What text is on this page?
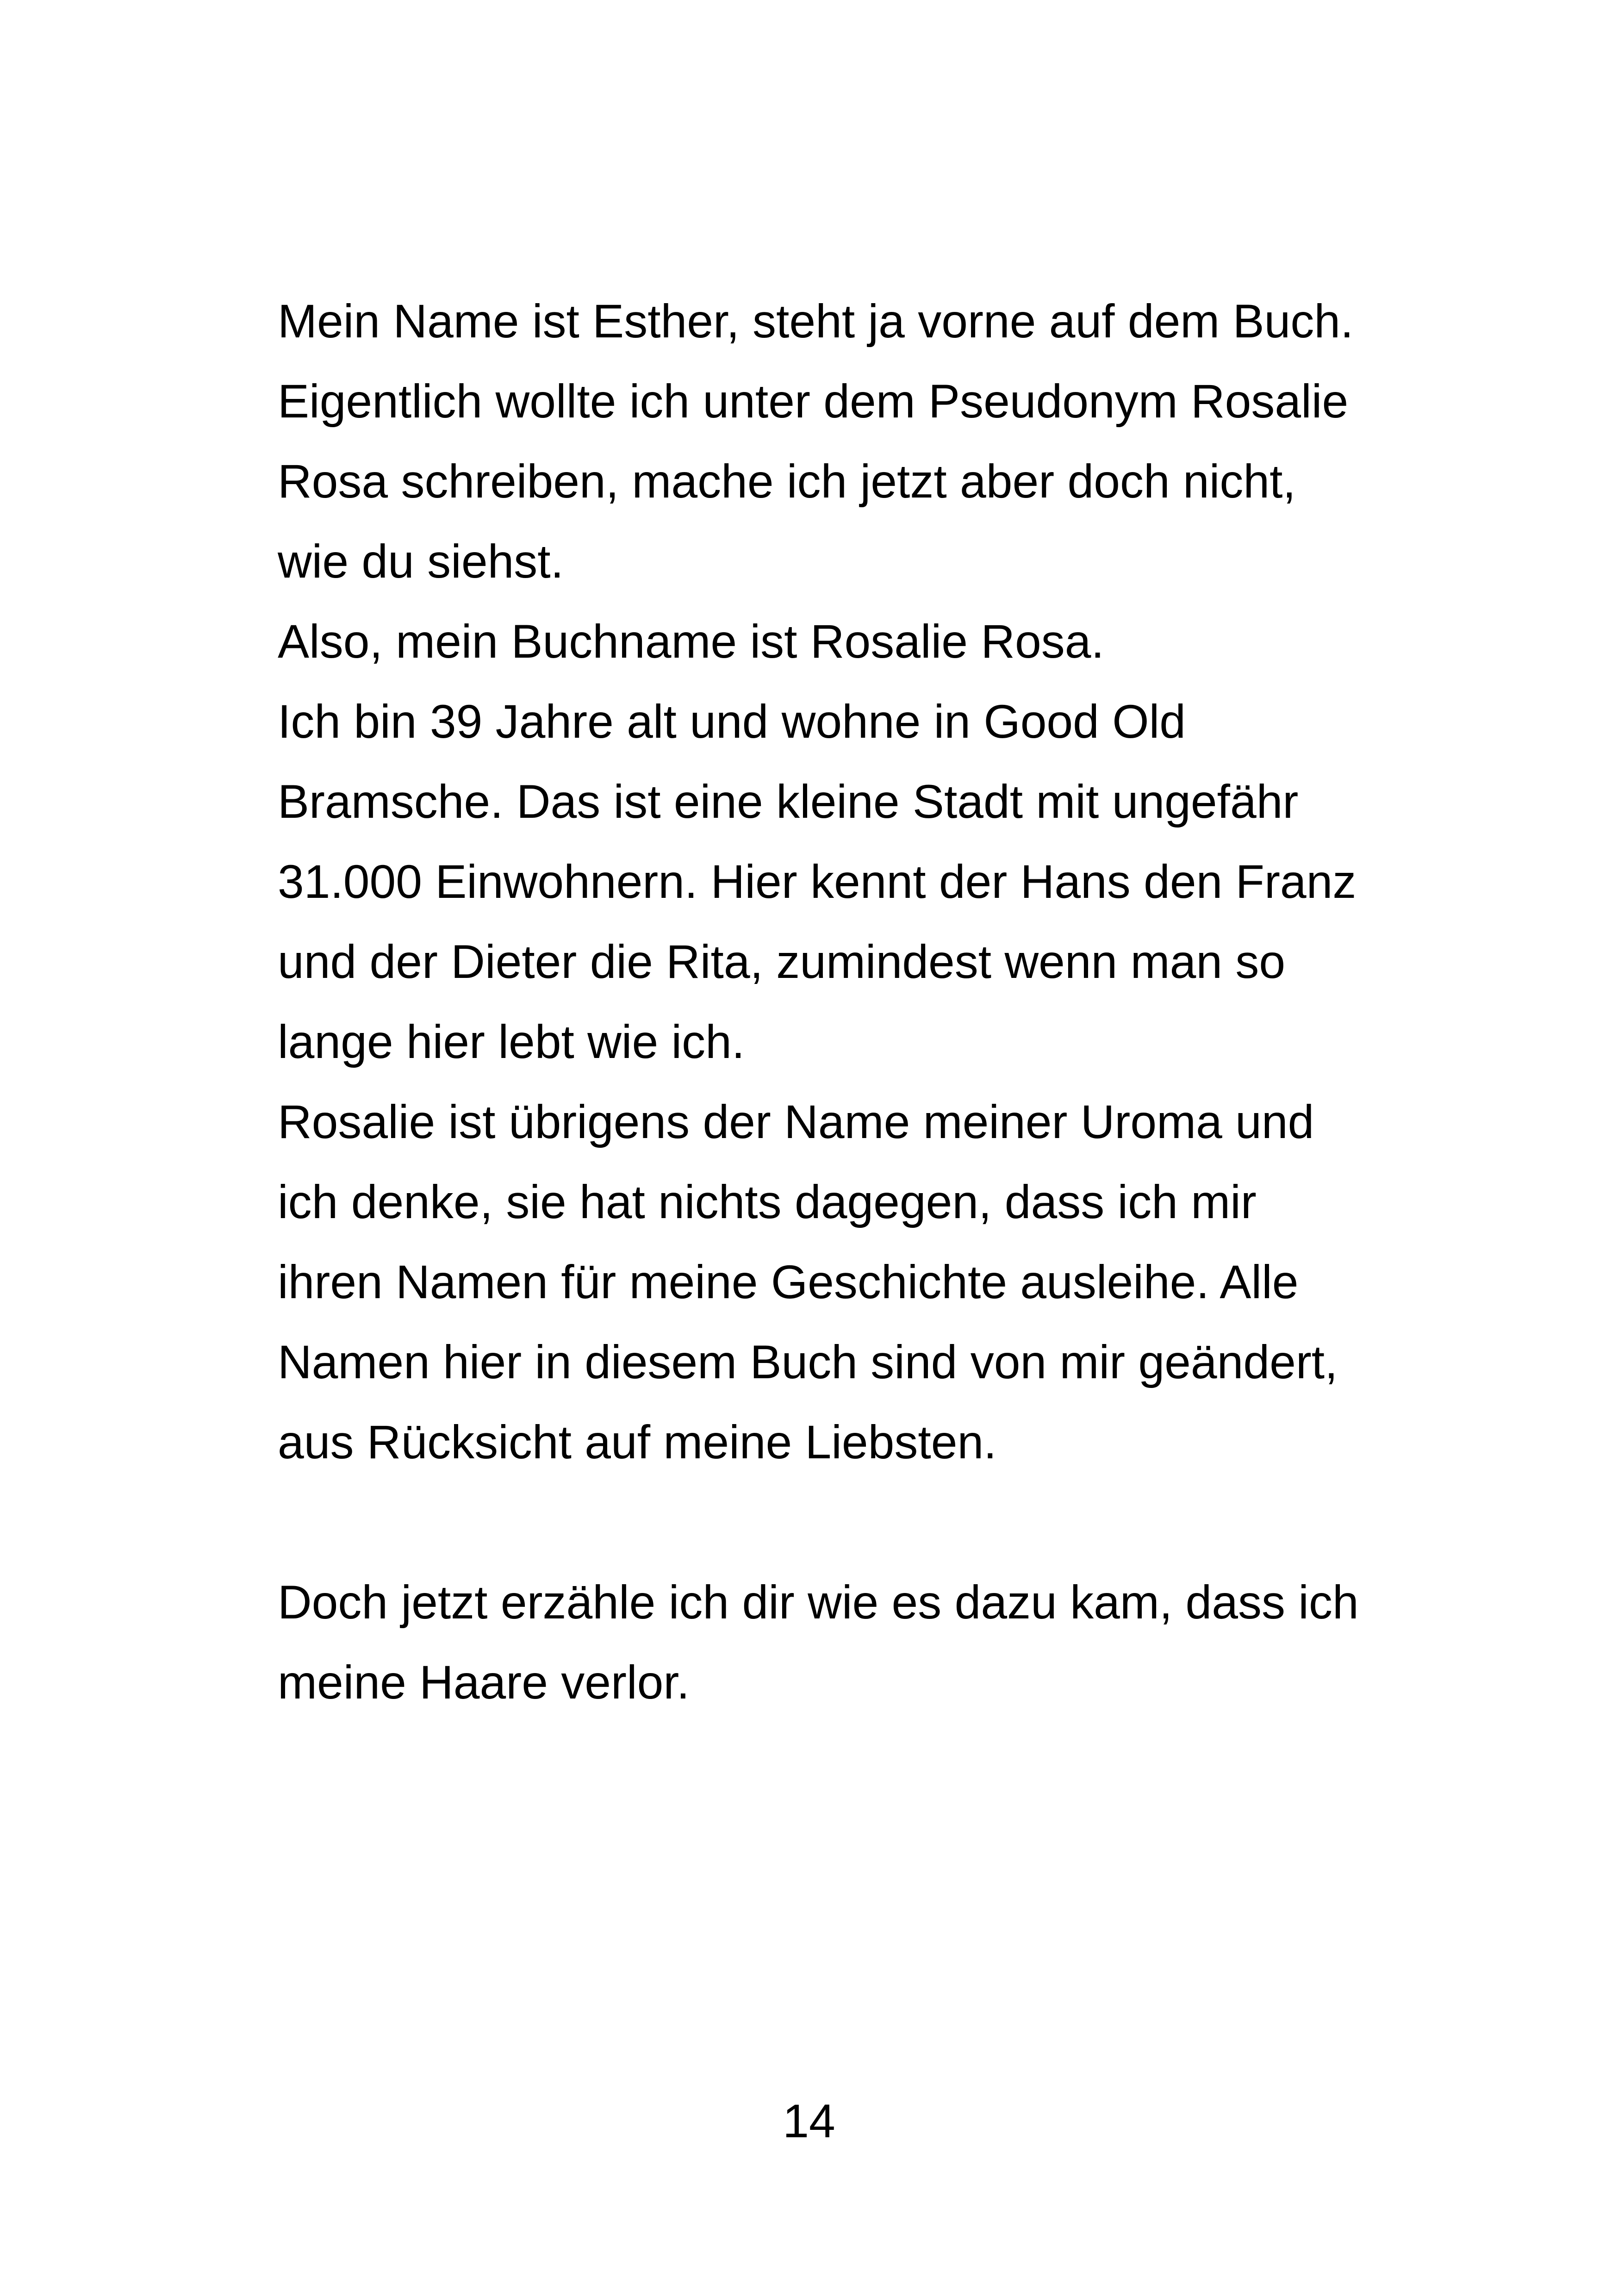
Mein Name ist Esther, steht ja vorne auf dem Buch.
Eigentlich wollte ich unter dem Pseudonym Rosalie
Rosa schreiben, mache ich jetzt aber doch nicht,
wie du siehst.
Also, mein Buchname ist Rosalie Rosa.
Ich bin 39 Jahre alt und wohne in Good Old
Bramsche. Das ist eine kleine Stadt mit ungefähr
31.000 Einwohnern. Hier kennt der Hans den Franz
und der Dieter die Rita, zumindest wenn man so
lange hier lebt wie ich.
Rosalie ist übrigens der Name meiner Uroma und
ich denke, sie hat nichts dagegen, dass ich mir
ihren Namen für meine Geschichte ausleihe. Alle
Namen hier in diesem Buch sind von mir geändert,
aus Rücksicht auf meine Liebsten.
Doch jetzt erzähle ich dir wie es dazu kam, dass ich
meine Haare verlor.
14
